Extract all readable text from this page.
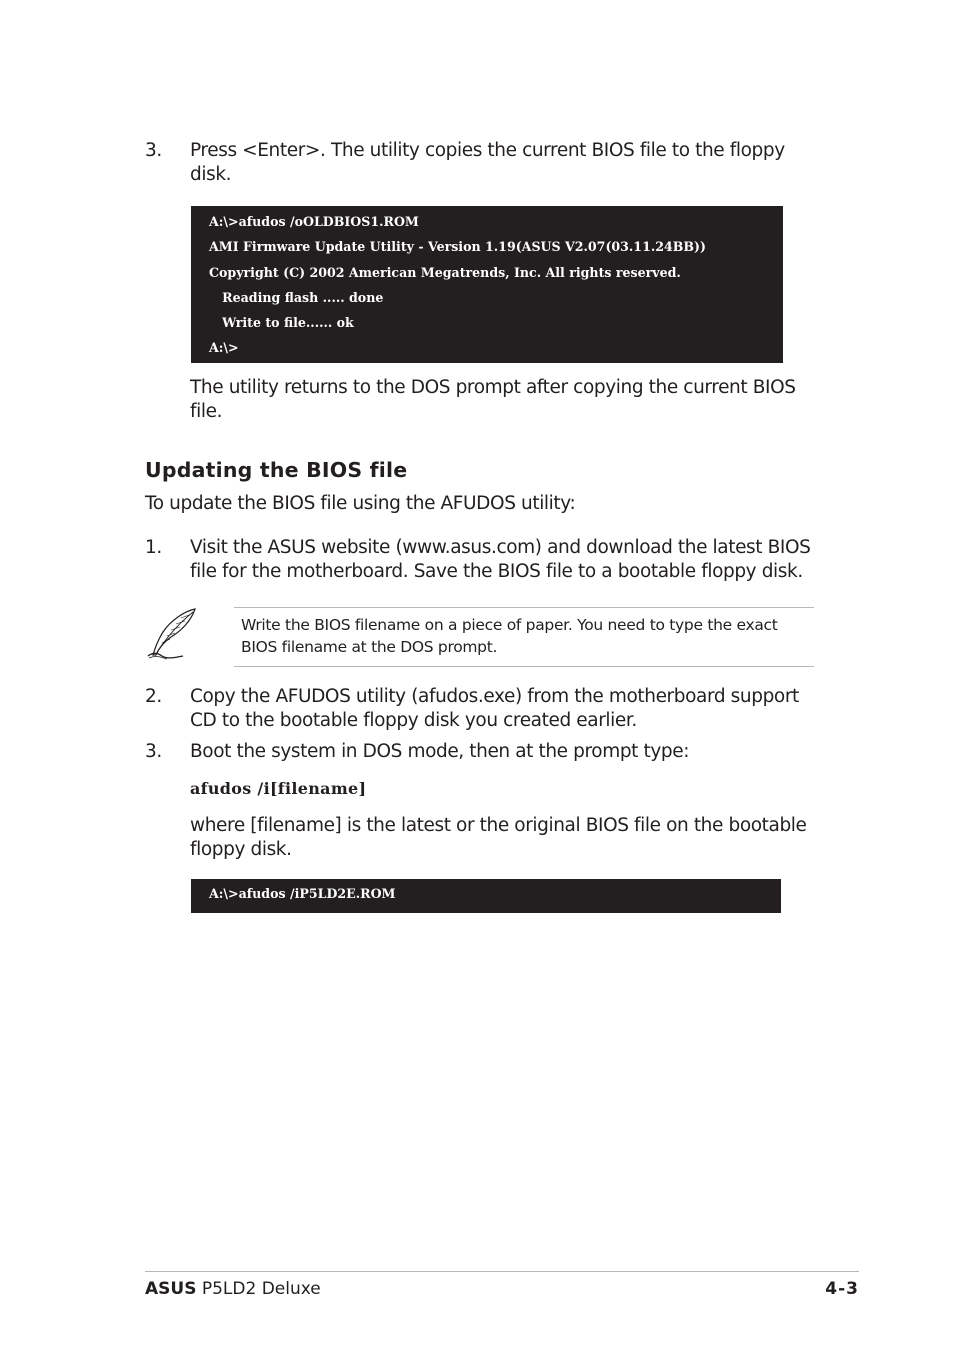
3. Press <Enter>. The utility copies the current BIOS file to the floppy
disk.
A:\>afudos /oOLDBIOS1.ROM
AMI Firmware Update Utility - Version 1.19(ASUS V2.07(03.11.24BB))
Copyright (C) 2002 American Megatrends, Inc. All rights reserved.
Reading flash ..... done
Write to file...... ok
A:\>
The utility returns to the DOS prompt after copying the current BIOS
file.
Updating the BIOS file
To update the BIOS file using the AFUDOS utility:
1. Visit the ASUS website (www.asus.com) and download the latest BIOS
file for the motherboard. Save the BIOS file to a bootable floppy disk.
Write the BIOS filename on a piece of paper. You need to type the exact
BIOS filename at the DOS prompt.
2. Copy the AFUDOS utility (afudos.exe) from the motherboard support
CD to the bootable floppy disk you created earlier.
3. Boot the system in DOS mode, then at the prompt type:
afudos /i[filename]
where [filename] is the latest or the original BIOS file on the bootable
floppy disk.
A:\>afudos /iP5LD2E.ROM
ASUS P5LD2 Deluxe	4-3
